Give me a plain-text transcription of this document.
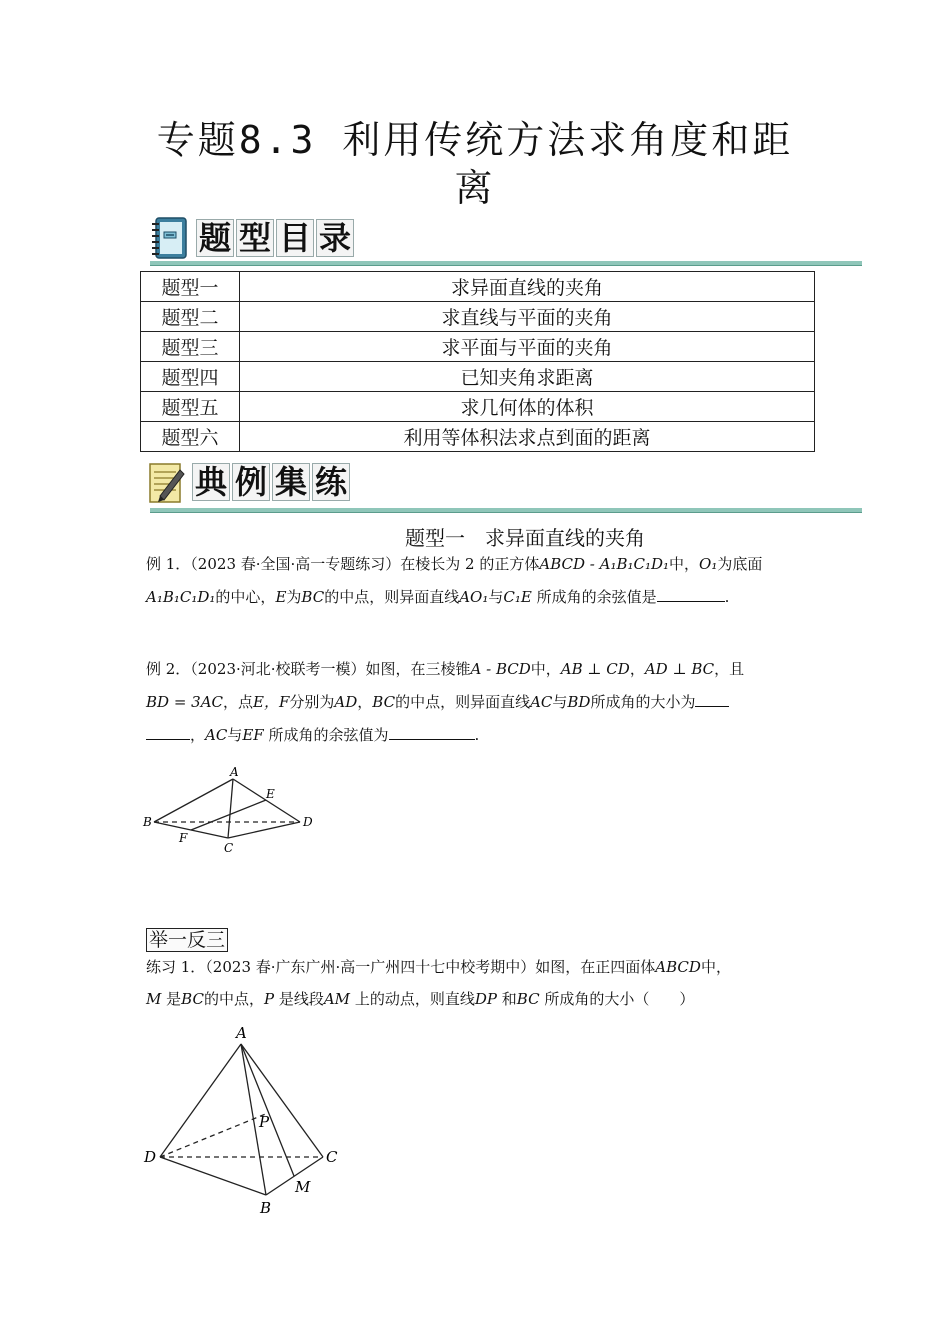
专题8.3 利用传统方法求角度和距
离
题 型 目 录
题型一	求异面直线的夹角
题型二	求直线与平面的夹角
题型三	求平面与平面的夹角
题型四	已知夹角求距离
题型五	求几何体的体积
题型六	利用等体积法求点到面的距离
典 例 集 练
题型一  求异面直线的夹角
例 1．（2023 春·全国·高一专题练习）在棱长为 2 的正方体ABCD - A₁B₁C₁D₁中，O₁为底面
A₁B₁C₁D₁的中心，E为BC的中点，则异面直线AO₁与C₁E 所成角的余弦值是	.
例 2．（2023·河北·校联考一模）如图，在三棱锥A - BCD中，AB ⊥ CD，AD ⊥ BC，且
BD = 3AC，点E，F分别为AD，BC的中点，则异面直线AC与BD所成角的大小为
，AC与EF 所成角的余弦值为	.
A
B
C
D
E
F
举一反三
练习 1．（2023 春·广东广州·高一广州四十七中校考期中）如图，在正四面体ABCD中，
M 是BC的中点，P 是线段AM 上的动点，则直线DP 和BC 所成角的大小（　　）
A
D	C
B
P
M
